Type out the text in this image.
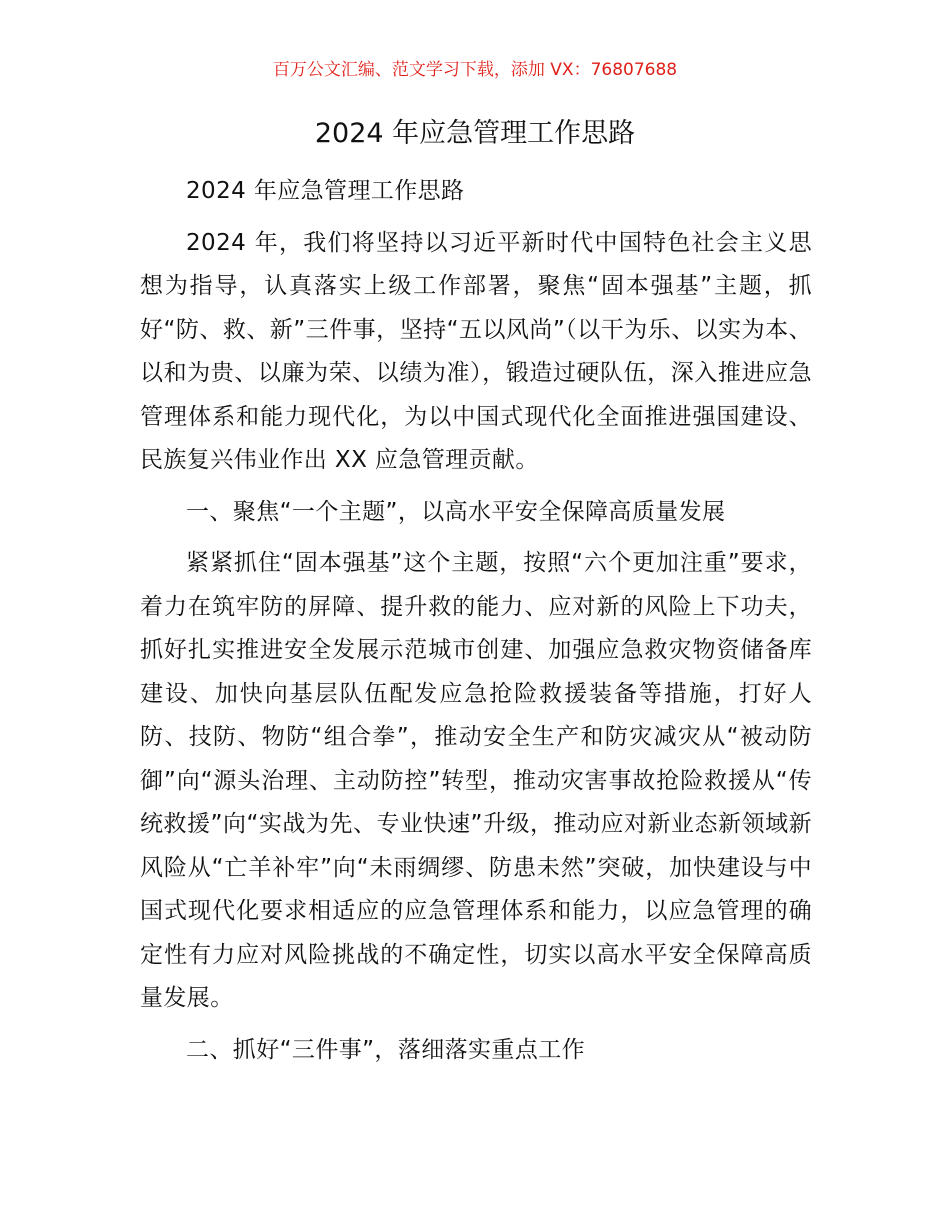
百万公文汇编、范文学习下载，添加 VX：76807688
2024 年应急管理工作思路

2024 年应急管理工作思路

2024 年，我们将坚持以习近平新时代中国特色社会主义思想为指导，认真落实上级工作部署，聚焦“固本强基”主题，抓好“防、救、新”三件事，坚持“五以风尚”（以干为乐、以实为本、以和为贵、以廉为荣、以绩为准），锻造过硬队伍，深入推进应急管理体系和能力现代化，为以中国式现代化全面推进强国建设、民族复兴伟业作出 XX 应急管理贡献。

一、聚焦“一个主题”，以高水平安全保障高质量发展

紧紧抓住“固本强基”这个主题，按照“六个更加注重”要求，着力在筑牢防的屏障、提升救的能力、应对新的风险上下功夫，抓好扎实推进安全发展示范城市创建、加强应急救灾物资储备库建设、加快向基层队伍配发应急抢险救援装备等措施，打好人防、技防、物防“组合拳”，推动安全生产和防灾减灾从“被动防御”向“源头治理、主动防控”转型，推动灾害事故抢险救援从“传统救援”向“实战为先、专业快速”升级，推动应对新业态新领域新风险从“亡羊补牢”向“未雨绸缪、防患未然”突破，加快建设与中国式现代化要求相适应的应急管理体系和能力，以应急管理的确定性有力应对风险挑战的不确定性，切实以高水平安全保障高质量发展。

二、抓好“三件事”，落细落实重点工作
